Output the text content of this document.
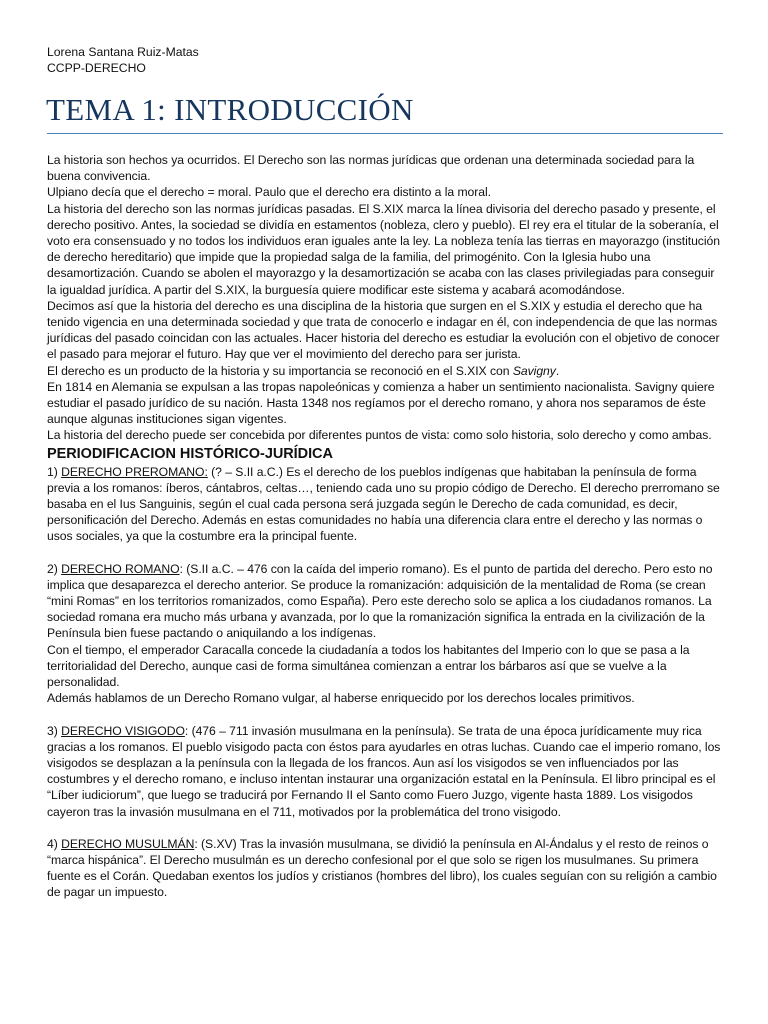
Lorena Santana Ruiz-Matas
CCPP-DERECHO
TEMA 1: INTRODUCCIÓN

La historia son hechos ya ocurridos. El Derecho son las normas jurídicas que ordenan una determinada sociedad para la buena convivencia.

Ulpiano decía que el derecho = moral. Paulo que el derecho era distinto a la moral.

La historia del derecho son las normas jurídicas pasadas. El S.XIX marca la línea divisoria del derecho pasado y presente, el derecho positivo. Antes, la sociedad se dividía en estamentos (nobleza, clero y pueblo). El rey era el titular de la soberanía, el voto era consensuado y no todos los individuos eran iguales ante la ley. La nobleza tenía las tierras en mayorazgo (institución de derecho hereditario) que impide que la propiedad salga de la familia, del primogénito. Con la Iglesia hubo una desamortización. Cuando se abolen el mayorazgo y la desamortización se acaba con las clases privilegiadas para conseguir la igualdad jurídica. A partir del S.XIX, la burguesía quiere modificar este sistema y acabará acomodándose.

Decimos así que la historia del derecho es una disciplina de la historia que surgen en el S.XIX y estudia el derecho que ha tenido vigencia en una determinada sociedad y que trata de conocerlo e indagar en él, con independencia de que las normas jurídicas del pasado coincidan con las actuales. Hacer historia del derecho es estudiar la evolución con el objetivo de conocer el pasado para mejorar el futuro. Hay que ver el movimiento del derecho para ser jurista.

El derecho es un producto de la historia y su importancia se reconoció en el S.XIX con Savigny.

En 1814 en Alemania se expulsan a las tropas napoleónicas y comienza a haber un sentimiento nacionalista. Savigny quiere estudiar el pasado jurídico de su nación. Hasta 1348 nos regíamos por el derecho romano, y ahora nos separamos de éste aunque algunas instituciones sigan vigentes.

La historia del derecho puede ser concebida por diferentes puntos de vista: como solo historia, solo derecho y como ambas.

PERIODIFICACION HISTÓRICO-JURÍDICA

1) DERECHO PREROMANO: (? – S.II a.C.) Es el derecho de los pueblos indígenas que habitaban la península de forma previa a los romanos: íberos, cántabros, celtas…, teniendo cada uno su propio código de Derecho. El derecho prerromano se basaba en el Ius Sanguinis, según el cual cada persona será juzgada según le Derecho de cada comunidad, es decir, personificación del Derecho. Además en estas comunidades no había una diferencia clara entre el derecho y las normas o usos sociales, ya que la costumbre era la principal fuente.

2) DERECHO ROMANO: (S.II a.C. – 476 con la caída del imperio romano). Es el punto de partida del derecho. Pero esto no implica que desaparezca el derecho anterior. Se produce la romanización: adquisición de la mentalidad de Roma (se crean “mini Romas” en los territorios romanizados, como España). Pero este derecho solo se aplica a los ciudadanos romanos. La sociedad romana era mucho más urbana y avanzada, por lo que la romanización significa la entrada en la civilización de la Península bien fuese pactando o aniquilando a los indígenas.

Con el tiempo, el emperador Caracalla concede la ciudadanía a todos los habitantes del Imperio con lo que se pasa a la territorialidad del Derecho, aunque casi de forma simultánea comienzan a entrar los bárbaros así que se vuelve a la personalidad.

Además hablamos de un Derecho Romano vulgar, al haberse enriquecido por los derechos locales primitivos.

3) DERECHO VISIGODO: (476 – 711 invasión musulmana en la península). Se trata de una época jurídicamente muy rica gracias a los romanos. El pueblo visigodo pacta con éstos para ayudarles en otras luchas. Cuando cae el imperio romano, los visigodos se desplazan a la península con la llegada de los francos. Aun así los visigodos se ven influenciados por las costumbres y el derecho romano, e incluso intentan instaurar una organización estatal en la Península. El libro principal es el “Líber iudiciorum”, que luego se traducirá por Fernando II el Santo como Fuero Juzgo, vigente hasta 1889. Los visigodos cayeron tras la invasión musulmana en el 711, motivados por la problemática del trono visigodo.

4) DERECHO MUSULMÁN: (S.XV) Tras la invasión musulmana, se dividió la península en Al-Ándalus y el resto de reinos o “marca hispánica”. El Derecho musulmán es un derecho confesional por el que solo se rigen los musulmanes. Su primera fuente es el Corán. Quedaban exentos los judíos y cristianos (hombres del libro), los cuales seguían con su religión a cambio de pagar un impuesto.
